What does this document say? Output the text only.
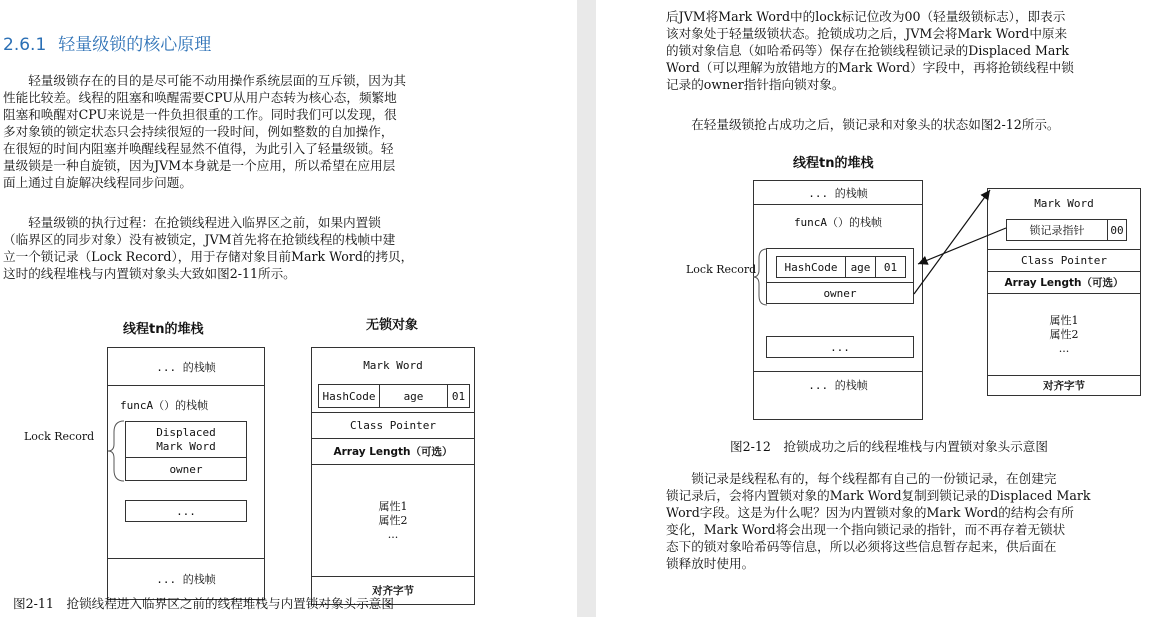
2.6.1 轻量级锁的核心原理
轻量级锁存在的目的是尽可能不动用操作系统层面的互斥锁，因为其
性能比较差。线程的阻塞和唤醒需要CPU从用户态转为核心态，频繁地
阻塞和唤醒对CPU来说是一件负担很重的工作。同时我们可以发现，很
多对象锁的锁定状态只会持续很短的一段时间，例如整数的自加操作，
在很短的时间内阻塞并唤醒线程显然不值得，为此引入了轻量级锁。轻
量级锁是一种自旋锁，因为JVM本身就是一个应用，所以希望在应用层
面上通过自旋解决线程同步问题。
轻量级锁的执行过程：在抢锁线程进入临界区之前，如果内置锁
（临界区的同步对象）没有被锁定，JVM首先将在抢锁线程的栈帧中建
立一个锁记录（Lock Record），用于存储对象目前Mark Word的拷贝，
这时的线程堆栈与内置锁对象头大致如图2-11所示。
线程tn的堆栈	无锁对象
... 的栈帧
funcA（）的栈帧
... 的栈帧
Displaced
Mark Word
owner
...
Lock Record
Mark Word
Class Pointer
Array Length（可选）
属性1
属性2
...
对齐字节
HashCode	age	01
图2-11　抢锁线程进入临界区之前的线程堆栈与内置锁对象头示意图
后JVM将Mark Word中的lock标记位改为00（轻量级锁标志），即表示
该对象处于轻量级锁状态。抢锁成功之后，JVM会将Mark Word中原来
的锁对象信息（如哈希码等）保存在抢锁线程锁记录的Displaced Mark
Word（可以理解为放错地方的Mark Word）字段中，再将抢锁线程中锁
记录的owner指针指向锁对象。
在轻量级锁抢占成功之后，锁记录和对象头的状态如图2-12所示。
线程tn的堆栈
... 的栈帧
funcA（）的栈帧
... 的栈帧
owner
HashCode	age	01
...
Lock Record
Mark Word
Class Pointer
Array Length（可选）
属性1
属性2
...
对齐字节
锁记录指针	00
图2-12　抢锁成功之后的线程堆栈与内置锁对象头示意图
锁记录是线程私有的，每个线程都有自己的一份锁记录，在创建完
锁记录后，会将内置锁对象的Mark Word复制到锁记录的Displaced Mark
Word字段。这是为什么呢？因为内置锁对象的Mark Word的结构会有所
变化，Mark Word将会出现一个指向锁记录的指针，而不再存着无锁状
态下的锁对象哈希码等信息，所以必须将这些信息暂存起来，供后面在
锁释放时使用。
